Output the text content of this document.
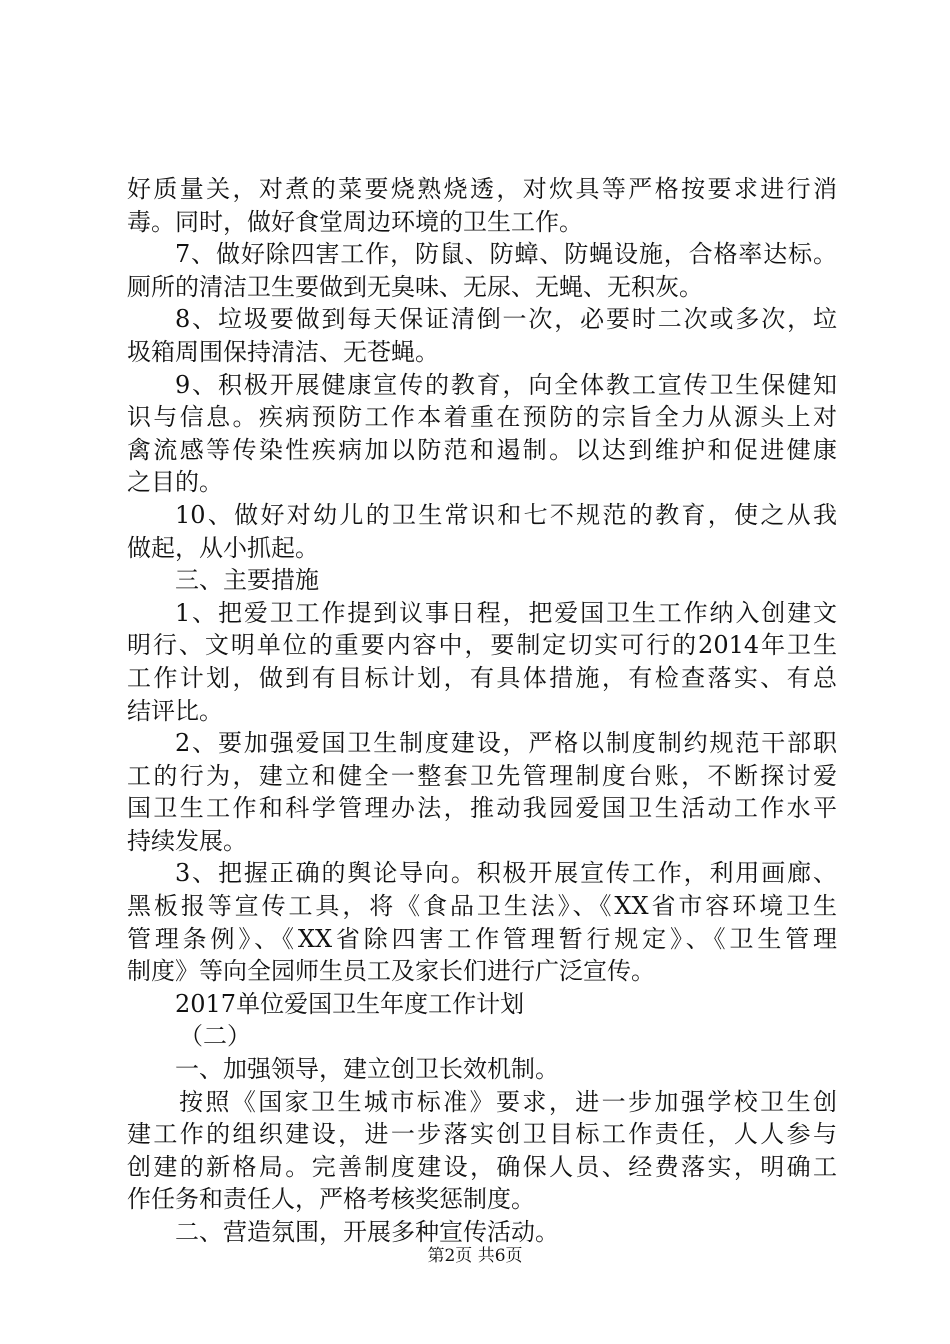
好质量关，对煮的菜要烧熟烧透，对炊具等严格按要求进行消
毒。同时，做好食堂周边环境的卫生工作。
7、做好除四害工作，防鼠、防蟑、防蝇设施，合格率达标。
厕所的清洁卫生要做到无臭味、无尿、无蝇、无积灰。
8、垃圾要做到每天保证清倒一次，必要时二次或多次，垃
圾箱周围保持清洁、无苍蝇。
9、积极开展健康宣传的教育，向全体教工宣传卫生保健知
识与信息。疾病预防工作本着重在预防的宗旨全力从源头上对
禽流感等传染性疾病加以防范和遏制。以达到维护和促进健康
之目的。
10、做好对幼儿的卫生常识和七不规范的教育，使之从我
做起，从小抓起。
三、主要措施
1、把爱卫工作提到议事日程，把爱国卫生工作纳入创建文
明行、文明单位的重要内容中，要制定切实可行的2014年卫生
工作计划，做到有目标计划，有具体措施，有检查落实、有总
结评比。
2、要加强爱国卫生制度建设，严格以制度制约规范干部职
工的行为，建立和健全一整套卫先管理制度台账，不断探讨爱
国卫生工作和科学管理办法，推动我园爱国卫生活动工作水平
持续发展。
3、把握正确的舆论导向。积极开展宣传工作，利用画廊、
黑板报等宣传工具，将《食品卫生法》、《XX省市容环境卫生
管理条例》、《XX省除四害工作管理暂行规定》、《卫生管理
制度》等向全园师生员工及家长们进行广泛宣传。
2017单位爱国卫生年度工作计划
（二）
一、加强领导，建立创卫长效机制。
按照《国家卫生城市标准》要求，进一步加强学校卫生创
建工作的组织建设，进一步落实创卫目标工作责任，人人参与
创建的新格局。完善制度建设，确保人员、经费落实，明确工
作任务和责任人，严格考核奖惩制度。
二、营造氛围，开展多种宣传活动。
第2页 共6页
